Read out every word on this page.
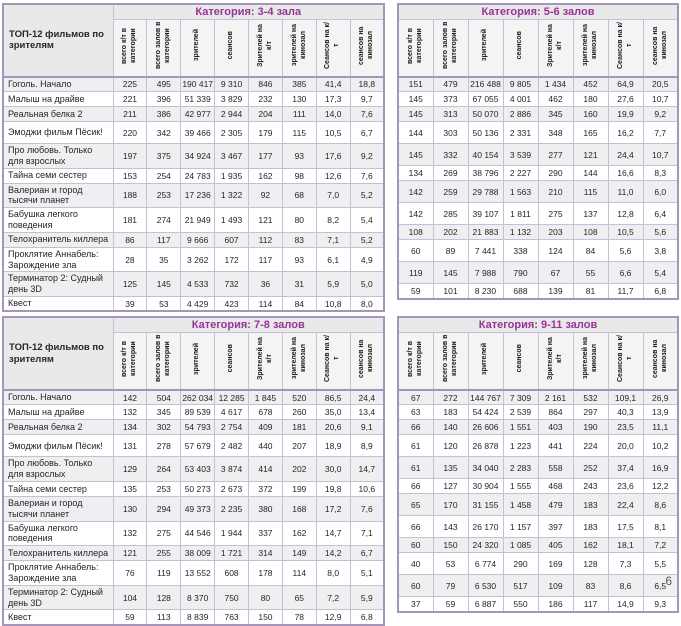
ТОП-12 фильмов по зрителям	Категория: 3-4 зала							
	всего к/т в категории	всего залов в категории	зрителей	сеансов	Зрителей на к/т	зрителей на кинозал	Сеансов на к/т	сеансов на кинозал
Гоголь. Начало	225	495	190 417	9 310	846	385	41,4	18,8
Малыш на драйве	221	396	51 339	3 829	232	130	17,3	9,7
Реальная белка 2	211	386	42 977	2 944	204	111	14,0	7,6
Эмоджи фильм Пёсик!	220	342	39 466	2 305	179	115	10,5	6,7
Про любовь. Только для взрослых	197	375	34 924	3 467	177	93	17,6	9,2
Тайна семи сестер	153	254	24 783	1 935	162	98	12,6	7,6
Валериан и город тысячи планет	188	253	17 236	1 322	92	68	7,0	5,2
Бабушка легкого поведения	181	274	21 949	1 493	121	80	8,2	5,4
Телохранитель киллера	86	117	9 666	607	112	83	7,1	5,2
Проклятие Аннабель: Зарождение зла	28	35	3 262	172	117	93	6,1	4,9
Терминатор 2: Судный день 3D	125	145	4 533	732	36	31	5,9	5,0
Квест	39	53	4 429	423	114	84	10,8	8,0
Категория: 5-6 залов							
всего к/т в категории	всего залов в категории	зрителей	сеансов	Зрителей на к/т	зрителей на кинозал	Сеансов на к/т	сеансов на кинозал
151	479	216 488	9 805	1 434	452	64,9	20,5
145	373	67 055	4 001	462	180	27,6	10,7
145	313	50 070	2 886	345	160	19,9	9,2
144	303	50 136	2 331	348	165	16,2	7,7
145	332	40 154	3 539	277	121	24,4	10,7
134	269	38 796	2 227	290	144	16,6	8,3
142	259	29 788	1 563	210	115	11,0	6,0
142	285	39 107	1 811	275	137	12,8	6,4
108	202	21 883	1 132	203	108	10,5	5,6
60	89	7 441	338	124	84	5,6	3,8
119	145	7 988	790	67	55	6,6	5,4
59	101	8 230	688	139	81	11,7	6,8
ТОП-12 фильмов по зрителям	Категория: 7-8 залов							
	всего к/т в категории	всего залов в категории	зрителей	сеансов	Зрителей на к/т	зрителей на кинозал	Сеансов на к/т	сеансов на кинозал
Гоголь. Начало	142	504	262 034	12 285	1 845	520	86,5	24,4
Малыш на драйве	132	345	89 539	4 617	678	260	35,0	13,4
Реальная белка 2	134	302	54 793	2 754	409	181	20,6	9,1
Эмоджи фильм Пёсик!	131	278	57 679	2 482	440	207	18,9	8,9
Про любовь. Только для взрослых	129	264	53 403	3 874	414	202	30,0	14,7
Тайна семи сестер	135	253	50 273	2 673	372	199	19,8	10,6
Валериан и город тысячи планет	130	294	49 373	2 235	380	168	17,2	7,6
Бабушка легкого поведения	132	275	44 546	1 944	337	162	14,7	7,1
Телохранитель киллера	121	255	38 009	1 721	314	149	14,2	6,7
Проклятие Аннабель: Зарождение зла	76	119	13 552	608	178	114	8,0	5,1
Терминатор 2: Судный день 3D	104	128	8 370	750	80	65	7,2	5,9
Квест	59	113	8 839	763	150	78	12,9	6,8
Категория: 9-11 залов							
всего к/т в категории	всего залов в категории	зрителей	сеансов	Зрителей на к/т	зрителей на кинозал	Сеансов на к/т	сеансов на кинозал
67	272	144 767	7 309	2 161	532	109,1	26,9
63	183	54 424	2 539	864	297	40,3	13,9
66	140	26 606	1 551	403	190	23,5	11,1
61	120	26 878	1 223	441	224	20,0	10,2
61	135	34 040	2 283	558	252	37,4	16,9
66	127	30 904	1 555	468	243	23,6	12,2
65	170	31 155	1 458	479	183	22,4	8,6
66	143	26 170	1 157	397	183	17,5	8,1
60	150	24 320	1 085	405	162	18,1	7,2
40	53	6 774	290	169	128	7,3	5,5
60	79	6 530	517	109	83	8,6	6,5
37	59	6 887	550	186	117	14,9	9,3
6
